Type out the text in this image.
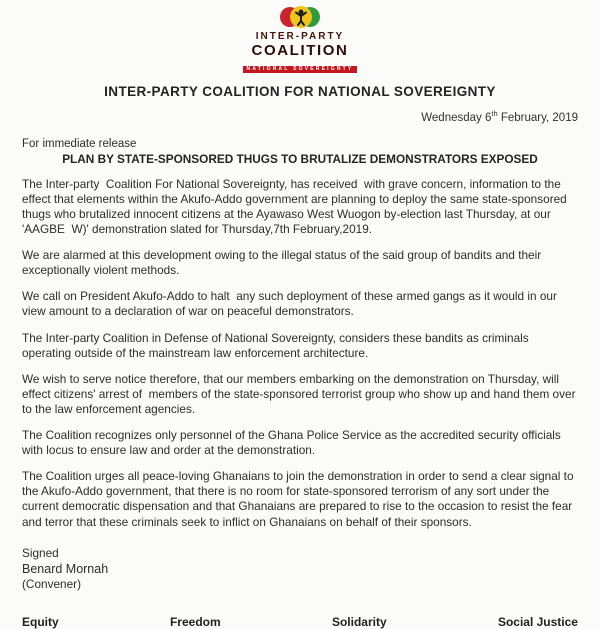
INTER-PARTY
COALITION
NATIONAL SOVEREIGNTY
INTER-PARTY COALITION FOR NATIONAL SOVEREIGNTY
Wednesday 6th February, 2019
For immediate release
PLAN BY STATE-SPONSORED THUGS TO BRUTALIZE DEMONSTRATORS EXPOSED

The Inter-party  Coalition For National Sovereignty, has received  with grave concern, information to the effect that elements within the Akufo-Addo government are planning to deploy the same state-sponsored thugs who brutalized innocent citizens at the Ayawaso West Wuogon by-election last Thursday, at our 'AAGBE  W)' demonstration slated for Thursday,7th February,2019.

We are alarmed at this development owing to the illegal status of the said group of bandits and their exceptionally violent methods.

We call on President Akufo-Addo to halt  any such deployment of these armed gangs as it would in our view amount to a declaration of war on peaceful demonstrators.

The Inter-party Coalition in Defense of National Sovereignty, considers these bandits as criminals operating outside of the mainstream law enforcement architecture.

We wish to serve notice therefore, that our members embarking on the demonstration on Thursday, will effect citizens' arrest of  members of the state-sponsored terrorist group who show up and hand them over to the law enforcement agencies.

The Coalition recognizes only personnel of the Ghana Police Service as the accredited security officials with locus to ensure law and order at the demonstration.

The Coalition urges all peace-loving Ghanaians to join the demonstration in order to send a clear signal to the Akufo-Addo government, that there is no room for state-sponsored terrorism of any sort under the current democratic dispensation and that Ghanaians are prepared to rise to the occasion to resist the fear and terror that these criminals seek to inflict on Ghanaians on behalf of their sponsors.

Signed
Benard Mornah
(Convener)
Equity	Freedom	Solidarity	Social Justice
